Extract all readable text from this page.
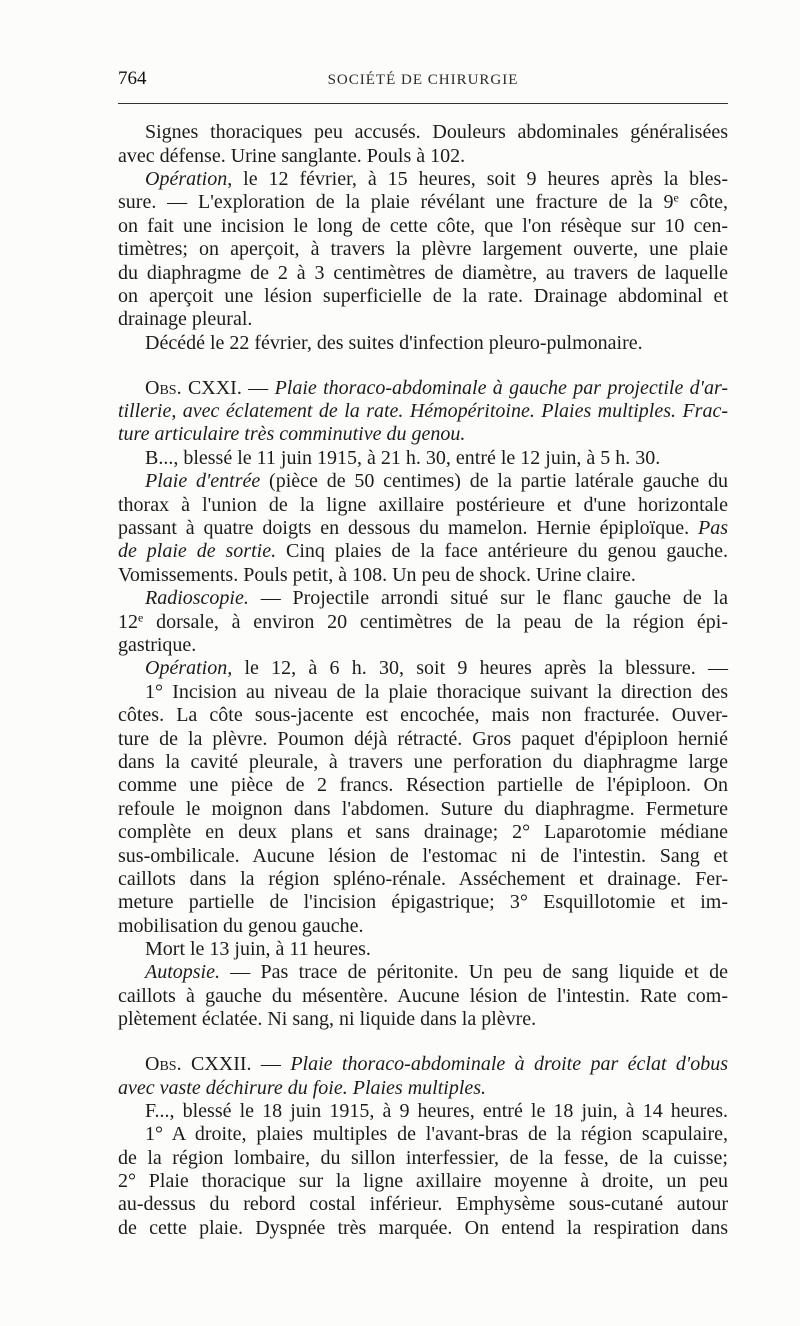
764	SOCIÉTÉ DE CHIRURGIE
Signes thoraciques peu accusés. Douleurs abdominales généralisées
avec défense. Urine sanglante. Pouls à 102.
Opération, le 12 février, à 15 heures, soit 9 heures après la bles-
sure. — L'exploration de la plaie révélant une fracture de la 9e côte,
on fait une incision le long de cette côte, que l'on résèque sur 10 cen-
timètres; on aperçoit, à travers la plèvre largement ouverte, une plaie
du diaphragme de 2 à 3 centimètres de diamètre, au travers de laquelle
on aperçoit une lésion superficielle de la rate. Drainage abdominal et
drainage pleural.
Décédé le 22 février, des suites d'infection pleuro-pulmonaire.
Obs. CXXI. — Plaie thoraco-abdominale à gauche par projectile d'ar-
tillerie, avec éclatement de la rate. Hémopéritoine. Plaies multiples. Frac-
ture articulaire très comminutive du genou.
B..., blessé le 11 juin 1915, à 21 h. 30, entré le 12 juin, à 5 h. 30.
Plaie d'entrée (pièce de 50 centimes) de la partie latérale gauche du
thorax à l'union de la ligne axillaire postérieure et d'une horizontale
passant à quatre doigts en dessous du mamelon. Hernie épiploïque. Pas
de plaie de sortie. Cinq plaies de la face antérieure du genou gauche.
Vomissements. Pouls petit, à 108. Un peu de shock. Urine claire.
Radioscopie. — Projectile arrondi situé sur le flanc gauche de la
12e dorsale, à environ 20 centimètres de la peau de la région épi-
gastrique.
Opération, le 12, à 6 h. 30, soit 9 heures après la blessure. —
1° Incision au niveau de la plaie thoracique suivant la direction des
côtes. La côte sous-jacente est encochée, mais non fracturée. Ouver-
ture de la plèvre. Poumon déjà rétracté. Gros paquet d'épiploon hernié
dans la cavité pleurale, à travers une perforation du diaphragme large
comme une pièce de 2 francs. Résection partielle de l'épiploon. On
refoule le moignon dans l'abdomen. Suture du diaphragme. Fermeture
complète en deux plans et sans drainage; 2° Laparotomie médiane
sus-ombilicale. Aucune lésion de l'estomac ni de l'intestin. Sang et
caillots dans la région spléno-rénale. Asséchement et drainage. Fer-
meture partielle de l'incision épigastrique; 3° Esquillotomie et im-
mobilisation du genou gauche.
Mort le 13 juin, à 11 heures.
Autopsie. — Pas trace de péritonite. Un peu de sang liquide et de
caillots à gauche du mésentère. Aucune lésion de l'intestin. Rate com-
plètement éclatée. Ni sang, ni liquide dans la plèvre.
Obs. CXXII. — Plaie thoraco-abdominale à droite par éclat d'obus
avec vaste déchirure du foie. Plaies multiples.
F..., blessé le 18 juin 1915, à 9 heures, entré le 18 juin, à 14 heures.
1° A droite, plaies multiples de l'avant-bras de la région scapulaire,
de la région lombaire, du sillon interfessier, de la fesse, de la cuisse;
2° Plaie thoracique sur la ligne axillaire moyenne à droite, un peu
au-dessus du rebord costal inférieur. Emphysème sous-cutané autour
de cette plaie. Dyspnée très marquée. On entend la respiration dans
